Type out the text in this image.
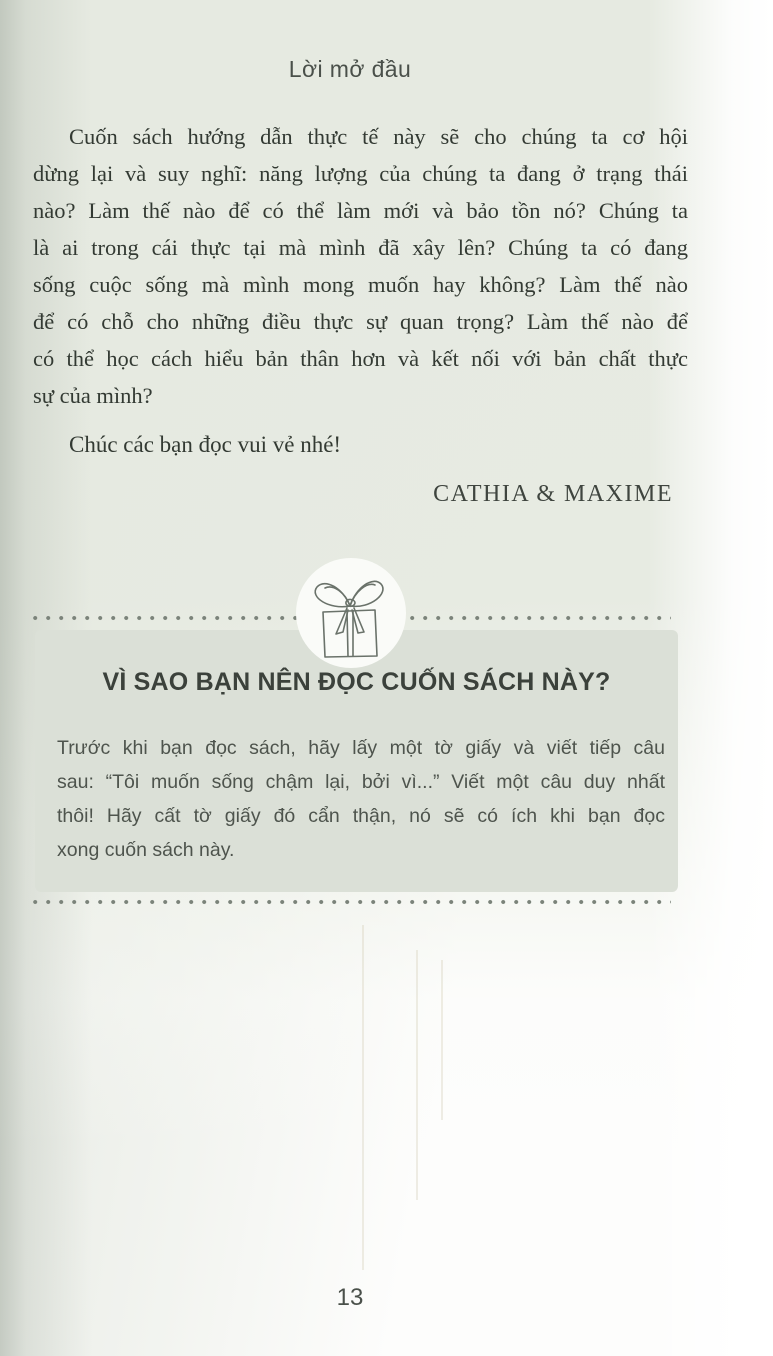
Lời mở đầu
Cuốn sách hướng dẫn thực tế này sẽ cho chúng ta cơ hội
dừng lại và suy nghĩ: năng lượng của chúng ta đang ở trạng thái
nào? Làm thế nào để có thể làm mới và bảo tồn nó? Chúng ta
là ai trong cái thực tại mà mình đã xây lên? Chúng ta có đang
sống cuộc sống mà mình mong muốn hay không? Làm thế nào
để có chỗ cho những điều thực sự quan trọng? Làm thế nào để
có thể học cách hiểu bản thân hơn và kết nối với bản chất thực
sự của mình?
Chúc các bạn đọc vui vẻ nhé!
CATHIA & MAXIME
VÌ SAO BẠN NÊN ĐỌC CUỐN SÁCH NÀY?
Trước khi bạn đọc sách, hãy lấy một tờ giấy và viết tiếp câu
sau: “Tôi muốn sống chậm lại, bởi vì...” Viết một câu duy nhất
thôi! Hãy cất tờ giấy đó cẩn thận, nó sẽ có ích khi bạn đọc
xong cuốn sách này.
13
